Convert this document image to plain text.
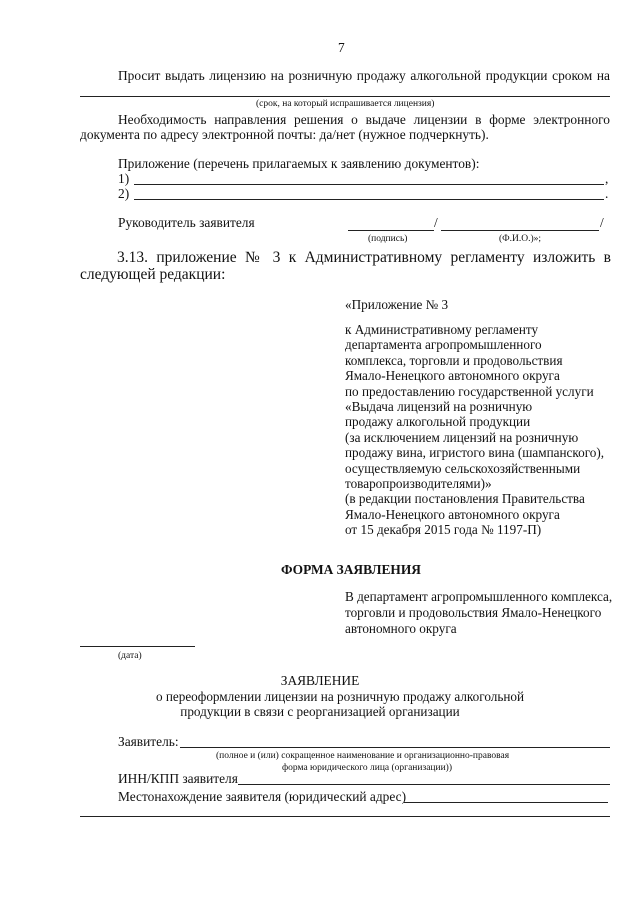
7
Просит выдать лицензию на розничную продажу алкогольной продукции сроком на
(срок, на который испрашивается лицензия)
Необходимость направления решения о выдаче лицензии в форме электронного
документа по адресу электронной почты: да/нет (нужное подчеркнуть).
Приложение (перечень прилагаемых к заявлению документов):
1)	,
2)	.
Руководитель заявителя	/	/
(подпись)	(Ф.И.О.)»;
3.13. приложение № 3 к Административному регламенту изложить в
следующей редакции:
«Приложение № 3
к Административному регламенту
департамента агропромышленного
комплекса, торговли и продовольствия
Ямало-Ненецкого автономного округа
по предоставлению государственной услуги
«Выдача лицензий на розничную
продажу алкогольной продукции
(за исключением лицензий на розничную
продажу вина, игристого вина (шампанского),
осуществляемую сельскохозяйственными
товаропроизводителями)»
(в редакции постановления Правительства
Ямало-Ненецкого автономного округа
от 15 декабря 2015 года № 1197-П)
ФОРМА ЗАЯВЛЕНИЯ
В департамент агропромышленного комплекса,
торговли и продовольствия Ямало-Ненецкого
автономного округа
(дата)
ЗАЯВЛЕНИЕ
о переоформлении лицензии на розничную продажу алкогольной
продукции в связи с реорганизацией организации
Заявитель:
(полное и (или) сокращенное наименование и организационно-правовая
форма юридического лица (организации))
ИНН/КПП заявителя
Местонахождение заявителя (юридический адрес)
